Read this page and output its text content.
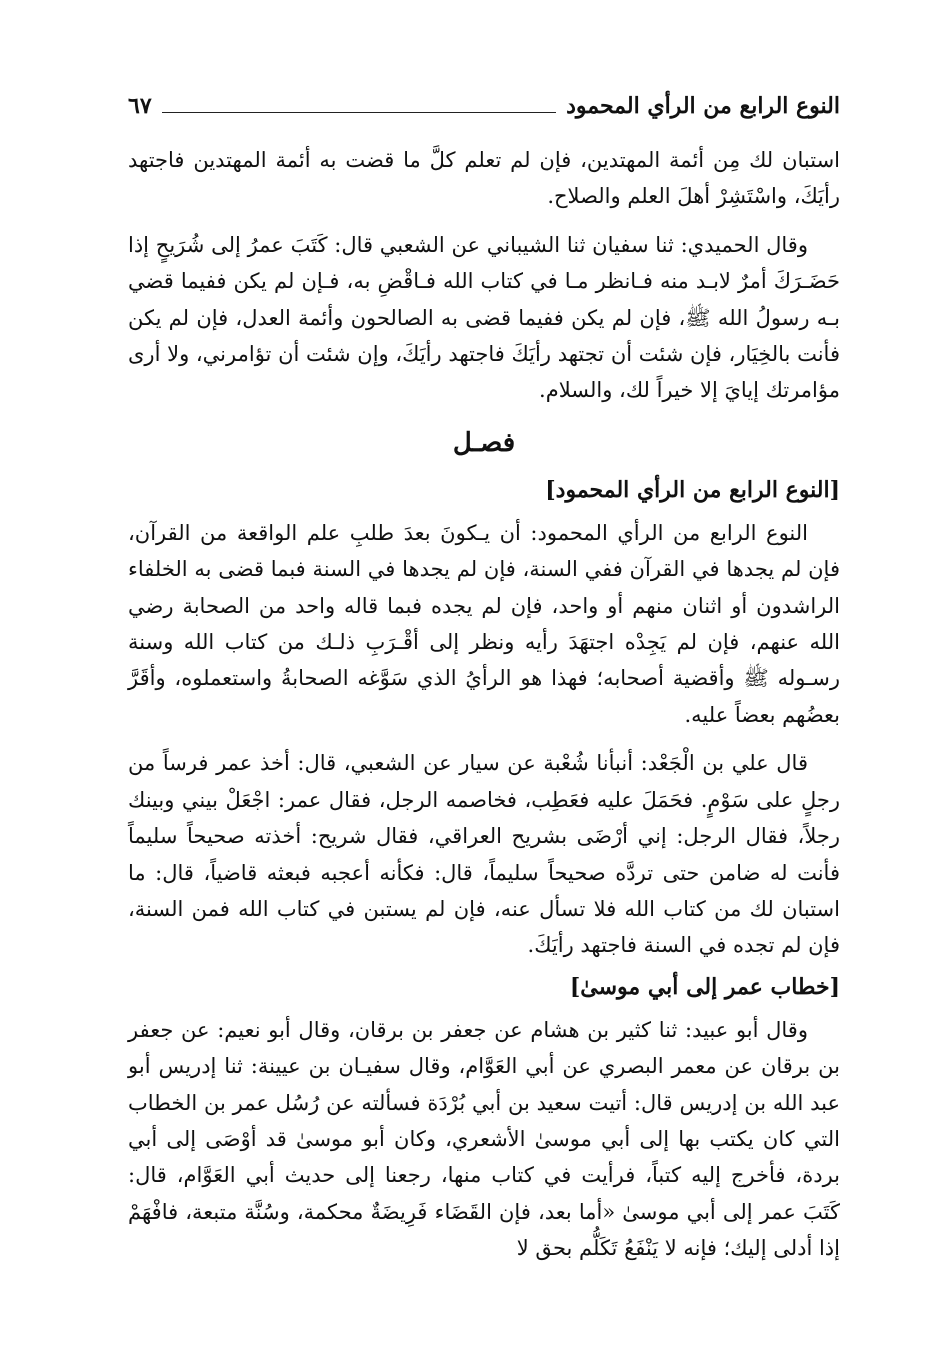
النوع الرابع من الرأي المحمود
٦٧

استبان لك مِن أئمة المهتدين، فإن لم تعلم كلَّ ما قضت به أئمة المهتدين فاجتهد رأيَكَ، واسْتَشِرْ أهلَ العلم والصلاح.

وقال الحميدي: ثنا سفيان ثنا الشيباني عن الشعبي قال: كَتَبَ عمرُ إلى شُرَيحٍ إذا حَضَـرَكَ أمرٌ لابـد منه فـانظر مـا في كتاب الله فـاقْضِ به، فـإن لم يكن ففيما قضي بـه رسولُ الله ﷺ، فإن لم يكن ففيما قضى به الصالحون وأئمة العدل، فإن لم يكن فأنت بالخِيَار، فإن شئت أن تجتهد رأيَكَ فاجتهد رأيَكَ، وإن شئت أن تؤامرني، ولا أرى مؤامرتك إيايَ إلا خيراً لك، والسلام.

فصـل
[النوع الرابع من الرأي المحمود]

النوع الرابع من الرأي المحمود: أن يـكونَ بعدَ طلبِ علم الواقعة من القرآن، فإن لم يجدها في القرآن ففي السنة، فإن لم يجدها في السنة فبما قضى به الخلفاء الراشدون أو اثنان منهم أو واحد، فإن لم يجده فبما قاله واحد من الصحابة رضي الله عنهم، فإن لم يَجِدْه اجتهَدَ رأيه ونظر إلى أقْـرَبِ ذلـك من كتاب الله وسنة رسـوله ﷺ وأقضية أصحابه؛ فهذا هو الرأيُ الذي سَوَّغه الصحابةُ واستعملوه، وأقَرَّ بعضُهم بعضاً عليه.

قال علي بن الْجَعْد: أنبأنا شُعْبة عن سيار عن الشعبي، قال: أخذ عمر فرساً من رجلٍ على سَوْمٍ. فحَمَلَ عليه فعَطِب، فخاصمه الرجل، فقال عمر: اجْعَلْ بيني وبينك رجلاً، فقال الرجل: إني أرْضَى بشريح العراقي، فقال شريح: أخذته صحيحاً سليماً فأنت له ضامن حتى تردَّه صحيحاً سليماً، قال: فكأنه أعجبه فبعثه قاضياً، قال: ما استبان لك من كتاب الله فلا تسأل عنه، فإن لم يستبن في كتاب الله فمن السنة، فإن لم تجده في السنة فاجتهد رأيَكَ.

[خطاب عمر إلى أبي موسىٰ]

وقال أبو عبيد: ثنا كثير بن هشام عن جعفر بن برقان، وقال أبو نعيم: عن جعفر بن برقان عن معمر البصري عن أبي العَوَّام، وقال سفيـان بن عيينة: ثنا إدريس أبو عبد الله بن إدريس قال: أتيت سعيد بن أبي بُرْدَة فسألته عن رُسُل عمر بن الخطاب التي كان يكتب بها إلى أبي موسىٰ الأشعري، وكان أبو موسىٰ قد أوْصَى إلى أبي بردة، فأخرج إليه كتباً، فرأيت في كتاب منها، رجعنا إلى حديث أبي العَوَّام، قال: كَتَبَ عمر إلى أبي موسىٰ «أما بعد، فإن القَضَاء فَرِيضَةٌ محكمة، وسُنَّة متبعة، فافْهَمْ إذا أدلى إليك؛ فإنه لا يَنْفَعُ تَكَلُّم بحق لا
